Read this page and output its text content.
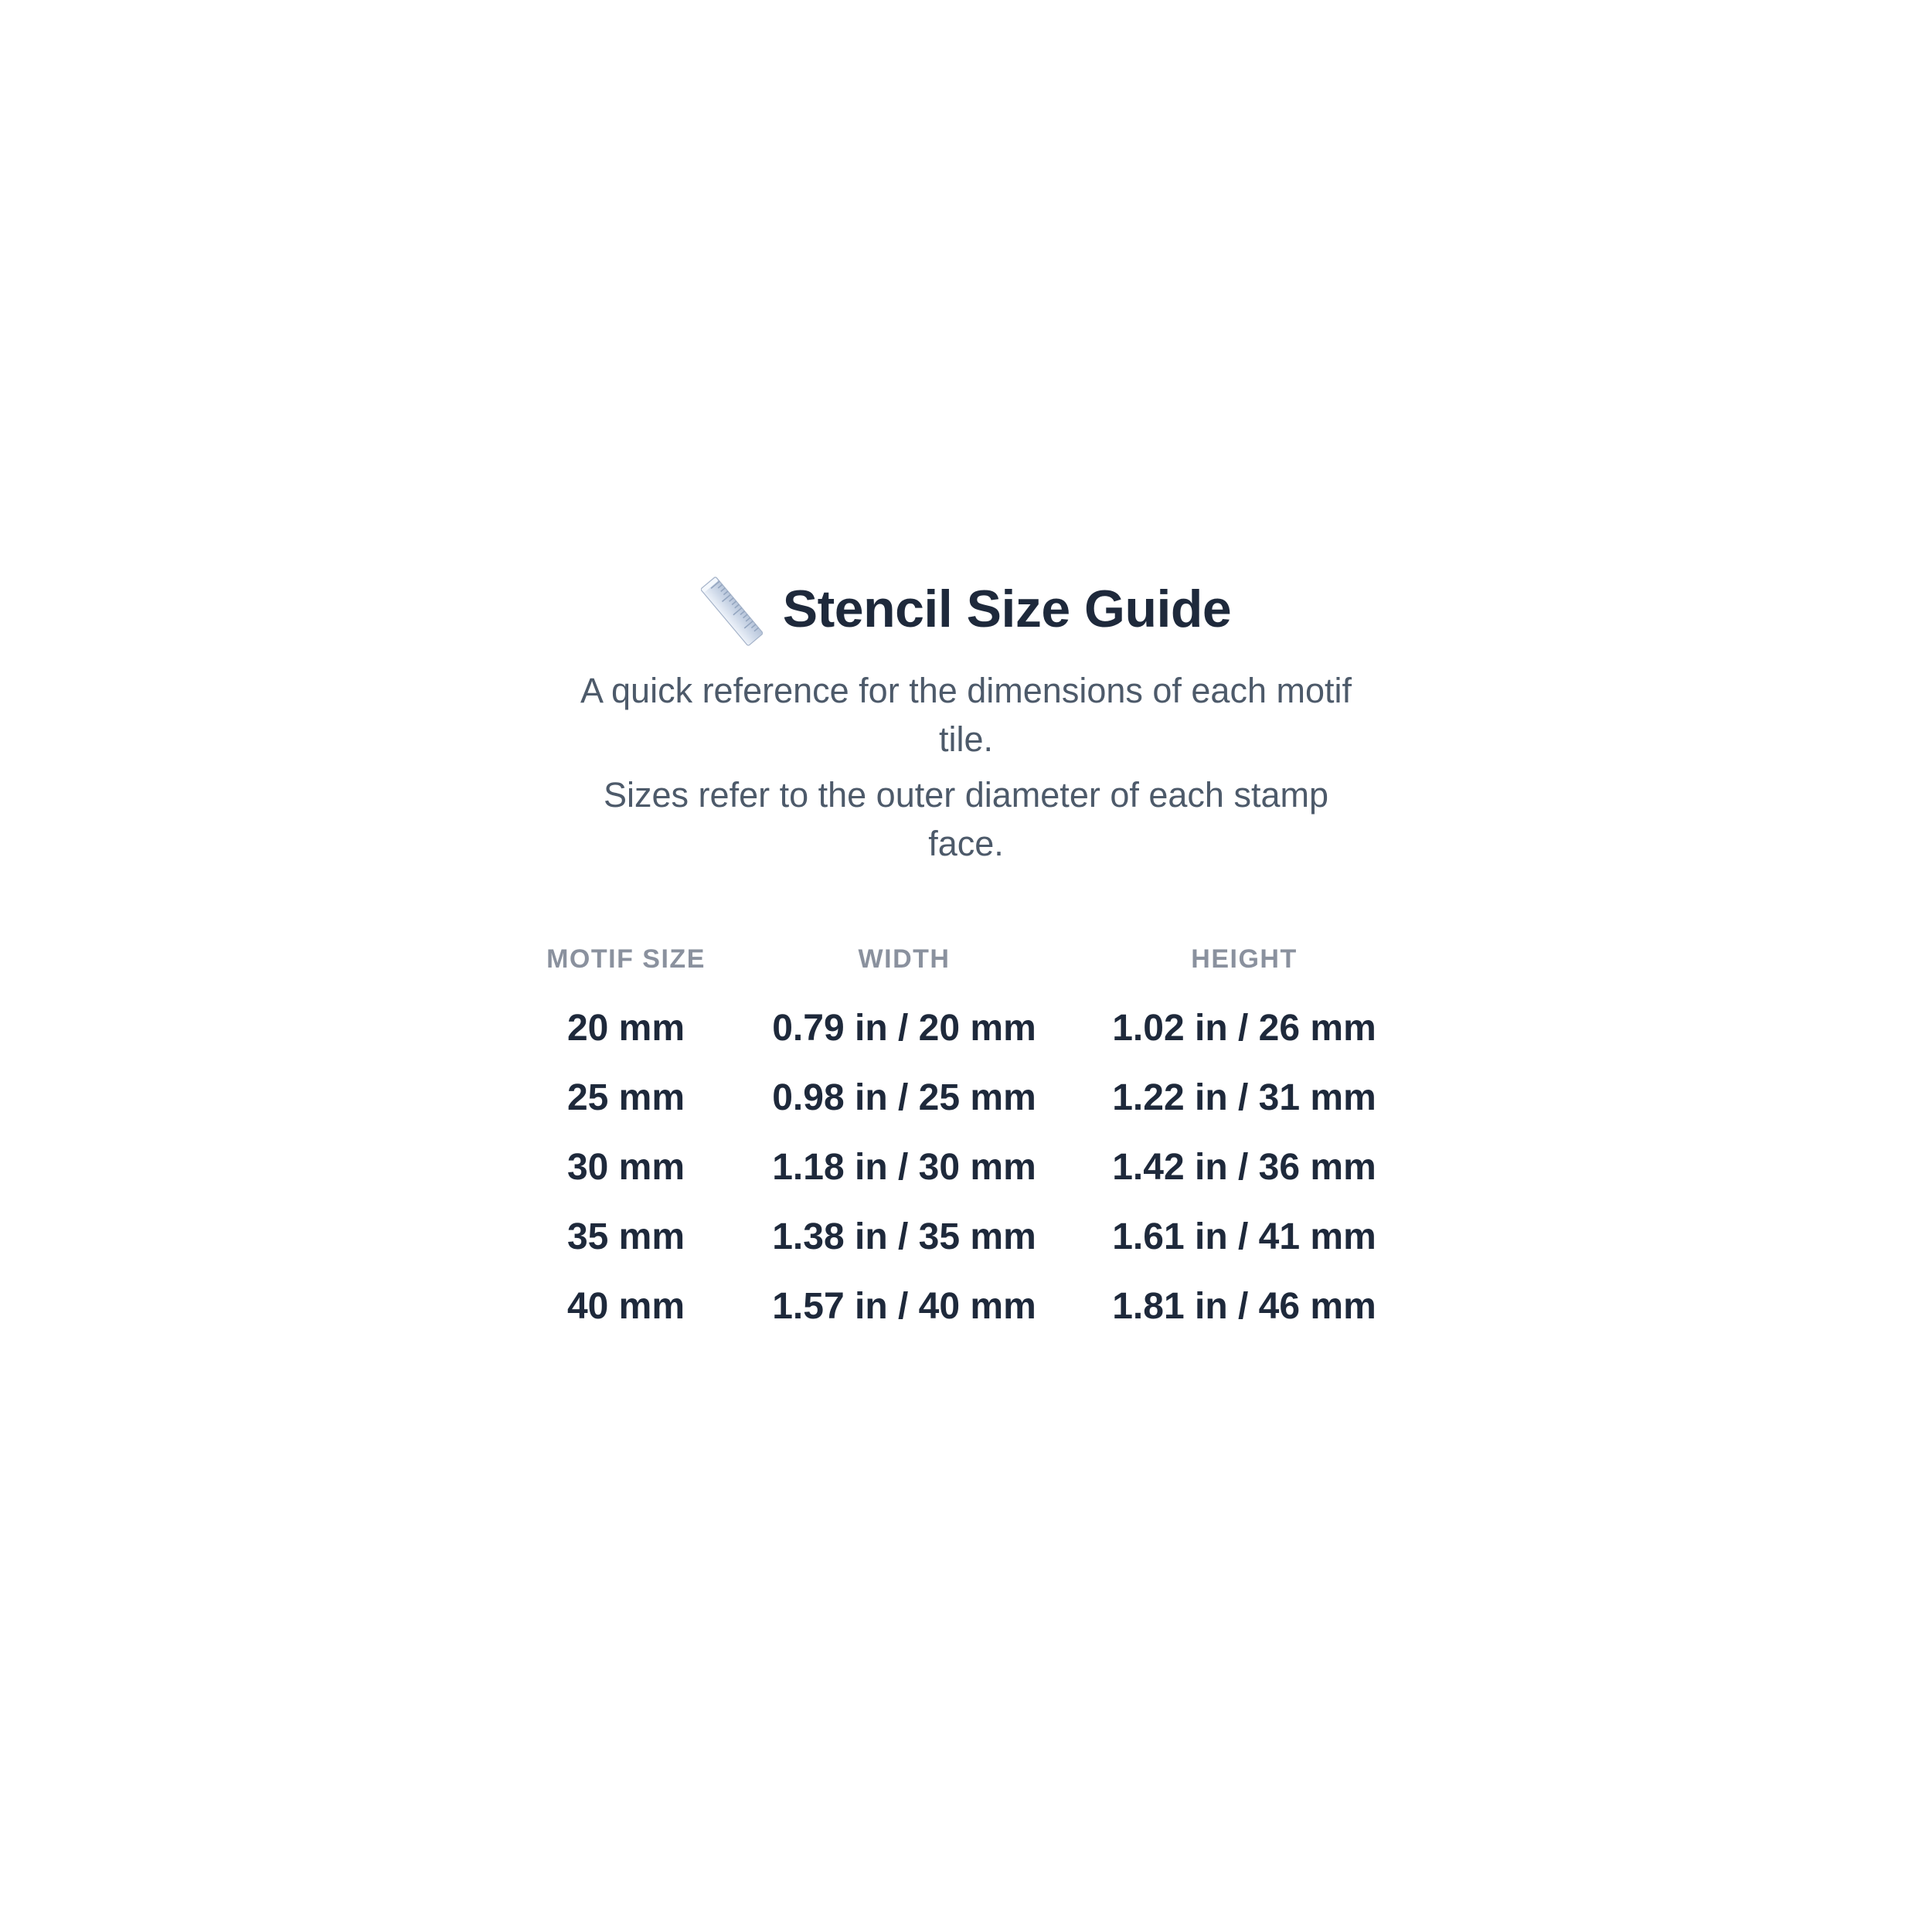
Stencil Size Guide

A quick reference for the dimensions of each motif tile.

Sizes refer to the outer diameter of each stamp face.

MOTIF SIZE	WIDTH	HEIGHT
20 mm	0.79 in / 20 mm	1.02 in / 26 mm
25 mm	0.98 in / 25 mm	1.22 in / 31 mm
30 mm	1.18 in / 30 mm	1.42 in / 36 mm
35 mm	1.38 in / 35 mm	1.61 in / 41 mm
40 mm	1.57 in / 40 mm	1.81 in / 46 mm
